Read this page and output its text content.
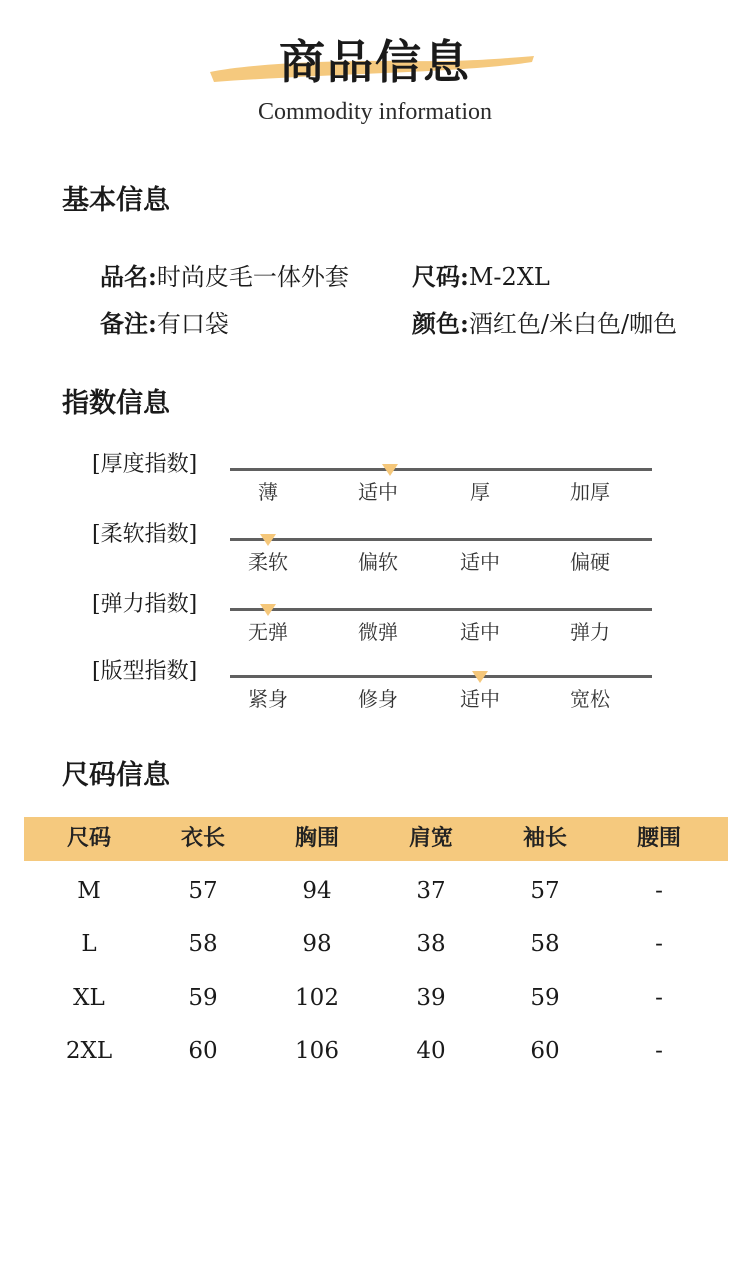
商品信息
Commodity information
基本信息
品名:时尚皮毛一体外套	尺码:M-2XL
备注:有口袋	颜色:酒红色/米白色/咖色
指数信息
[厚度指数]
薄	适中	厚	加厚
[柔软指数]
柔软	偏软	适中	偏硬
[弹力指数]
无弹	微弹	适中	弹力
[版型指数]
紧身	修身	适中	宽松
尺码信息
尺码	衣长	胸围	肩宽	袖长	腰围
M	57	94	37	57	-
L	58	98	38	58	-
XL	59	102	39	59	-
2XL	60	106	40	60	-
